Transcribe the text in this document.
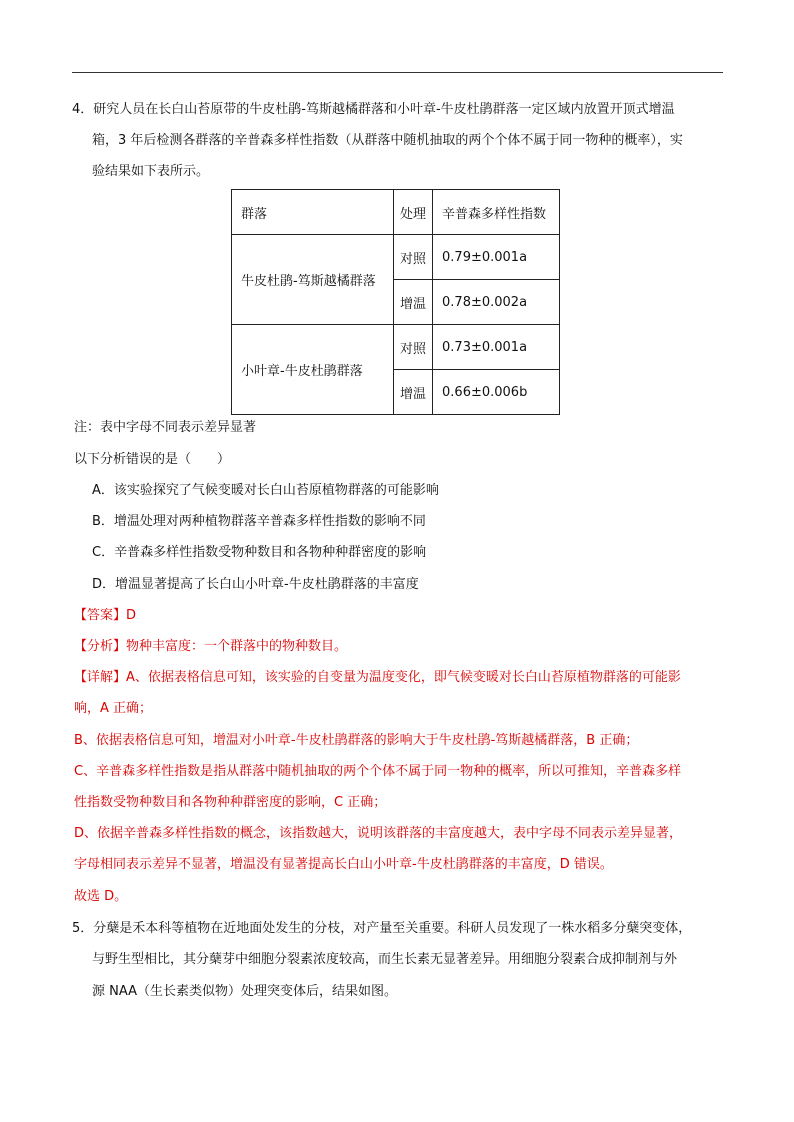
4．研究人员在长白山苔原带的牛皮杜鹃-笃斯越橘群落和小叶章-牛皮杜鹃群落一定区域内放置开顶式增温
箱，3 年后检测各群落的辛普森多样性指数（从群落中随机抽取的两个个体不属于同一物种的概率），实
验结果如下表所示。
群落	处理	辛普森多样性指数
牛皮杜鹃-笃斯越橘群落	对照	0.79±0.001a
	增温	0.78±0.002a
小叶章-牛皮杜鹃群落	对照	0.73±0.001a
	增温	0.66±0.006b
注：表中字母不同表示差异显著
以下分析错误的是（　　）
A．该实验探究了气候变暖对长白山苔原植物群落的可能影响
B．增温处理对两种植物群落辛普森多样性指数的影响不同
C．辛普森多样性指数受物种数目和各物种种群密度的影响
D．增温显著提高了长白山小叶章-牛皮杜鹃群落的丰富度
【答案】D
【分析】物种丰富度：一个群落中的物种数目。
【详解】A、依据表格信息可知，该实验的自变量为温度变化，即气候变暖对长白山苔原植物群落的可能影
响，A 正确；
B、依据表格信息可知，增温对小叶章-牛皮杜鹃群落的影响大于牛皮杜鹃-笃斯越橘群落，B 正确；
C、辛普森多样性指数是指从群落中随机抽取的两个个体不属于同一物种的概率，所以可推知，辛普森多样
性指数受物种数目和各物种种群密度的影响，C 正确；
D、依据辛普森多样性指数的概念，该指数越大，说明该群落的丰富度越大，表中字母不同表示差异显著，
字母相同表示差异不显著，增温没有显著提高长白山小叶章-牛皮杜鹃群落的丰富度，D 错误。
故选 D。
5．分蘖是禾本科等植物在近地面处发生的分枝，对产量至关重要。科研人员发现了一株水稻多分蘖突变体，
与野生型相比，其分蘖芽中细胞分裂素浓度较高，而生长素无显著差异。用细胞分裂素合成抑制剂与外
源 NAA（生长素类似物）处理突变体后，结果如图。
